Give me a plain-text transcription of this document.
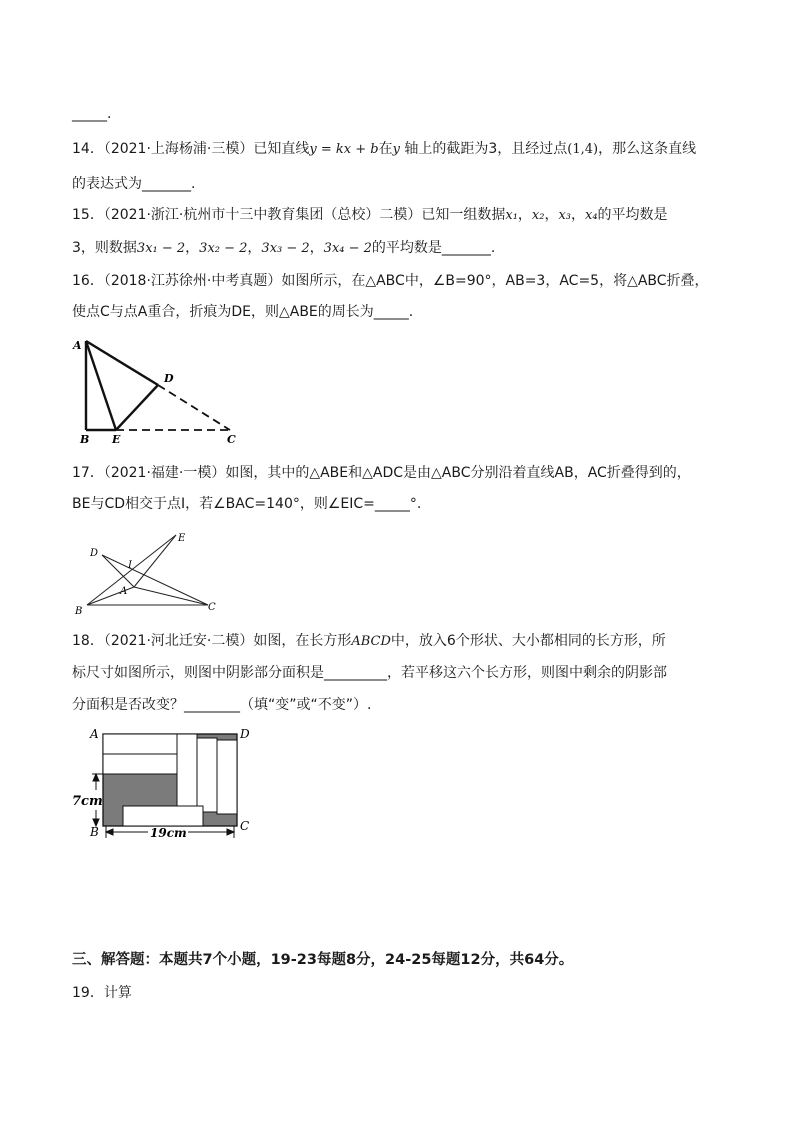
_____.
14．（2021·上海杨浦·三模）已知直线y = kx + b在y 轴上的截距为3，且经过点(1,4)，那么这条直线
的表达式为_______.
15．（2021·浙江·杭州市十三中教育集团（总校）二模）已知一组数据x₁，x₂，x₃，x₄的平均数是
3，则数据3x₁ − 2，3x₂ − 2，3x₃ − 2，3x₄ − 2的平均数是_______.
16．（2018·江苏徐州·中考真题）如图所示，在△ABC中，∠B=90°，AB=3，AC=5，将△ABC折叠，
使点C与点A重合，折痕为DE，则△ABE的周长为_____.
A
B E
D
C
17．（2021·福建·一模）如图，其中的△ABE和△ADC是由△ABC分别沿着直线AB，AC折叠得到的，
BE与CD相交于点I，若∠BAC=140°，则∠EIC=_____°.
D
E
I
A
B	C
18．（2021·河北迁安·二模）如图，在长方形ABCD中，放入6个形状、大小都相同的长方形，所
标尺寸如图所示，则图中阴影部分面积是_________，若平移这六个长方形，则图中剩余的阴影部
分面积是否改变？________（填“变”或“不变”）.
A
B	C
D
7cm
19cm
三、解答题：本题共7个小题，19-23每题8分，24-25每题12分，共64分。
19．计算
